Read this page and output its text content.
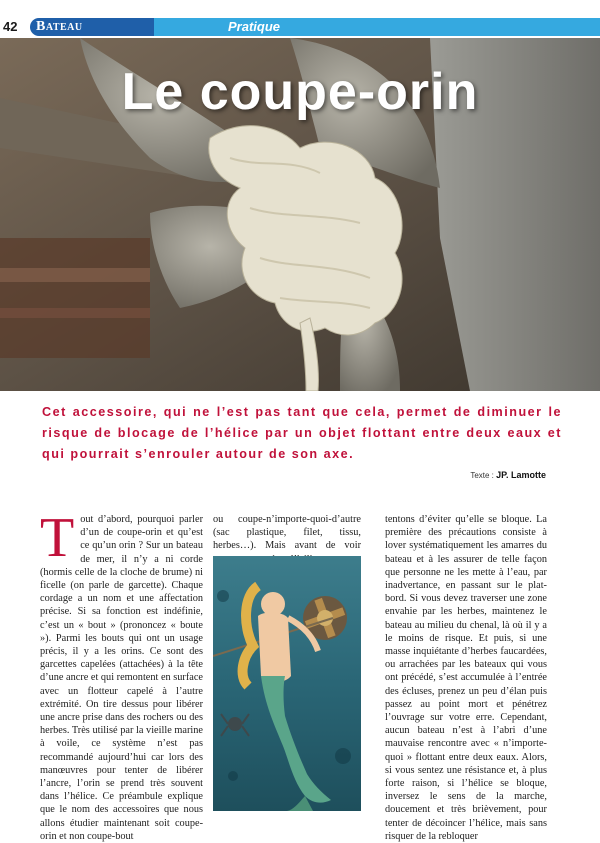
42 Bateau	Pratique
Le coupe-orin
Cet accessoire, qui ne l’est pas tant que cela, permet de diminuer le risque de blocage de l’hélice par un objet flottant entre deux eaux et qui pourrait s’enrouler autour de son axe.
Texte : JP. Lamotte
T out d’abord, pourquoi parler d’un de coupe-orin et qu’est ce qu’un orin ? Sur un bateau de mer, il n’y a ni corde (hormis celle de la cloche de brume) ni ficelle (on parle de garcette). Chaque cordage a un nom et une affectation précise. Si sa fonction est indéfinie, c’est un « bout » (prononcez « boute »). Parmi les bouts qui ont un usage précis, il y a les orins. Ce sont des garcettes capelées (attachées) à la tête d’une ancre et qui remontent en surface avec un flotteur capelé à l’autre extrémité. On tire dessus pour libérer une ancre prise dans des rochers ou des herbes. Très utilisé par la vieille marine à voile, ce système n’est pas recommandé aujourd’hui car lors des manœuvres pour tenter de libérer l’ancre, l’orin se prend très souvent dans l’hélice. Ce préambule explique que le nom des accessoires que nous allons étudier maintenant soit coupe-orin et non coupe-bout
ou coupe-n’importe-quoi-d’autre (sac plastique, filet, tissu, herbes…). Mais avant de voir
tentons d’éviter qu’elle se bloque. La première des précautions consiste à lover systématiquement les amarres du bateau et à les assurer de telle façon que personne ne les mette à l’eau, par inadvertance, en passant sur le plat-bord. Si vous devez traverser une zone envahie par les herbes, maintenez le bateau au milieu du chenal, là où il y a le moins de risque. Et puis, si une masse inquiétante d’herbes faucardées, ou arrachées par les bateaux qui vous ont précédé, s’est accumulée à l’entrée des écluses, prenez un peu d’élan puis passez au point mort et pénétrez l’ouvrage sur votre erre. Cependant, aucun bateau n’est à l’abri d’une mauvaise rencontre avec « n’importe-quoi » flottant entre deux eaux. Alors, si vous sentez une résistance et, à plus forte raison, si l’hélice se bloque, inversez le sens de la marche, doucement et très brièvement, pour tenter de décoincer l’hélice, mais sans risquer de la rebloquer
